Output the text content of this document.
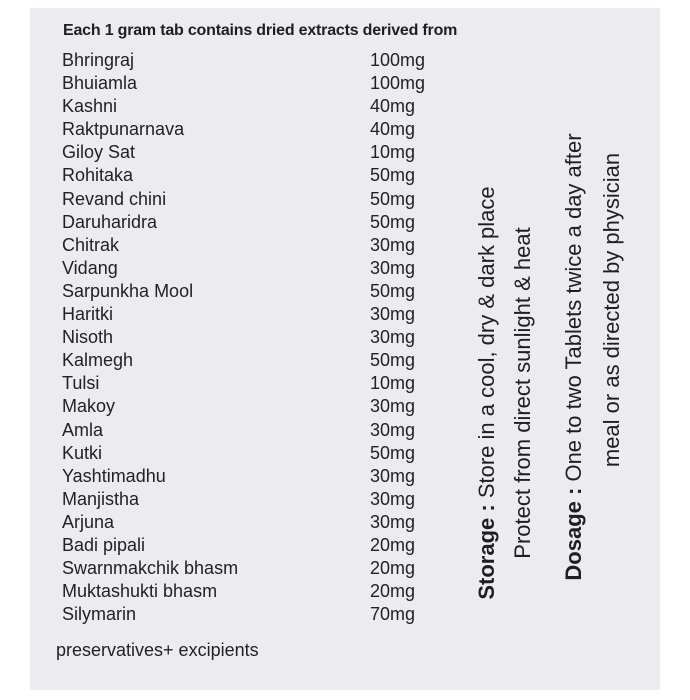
Each 1 gram tab contains dried extracts derived from
Bhringraj	100mg
Bhuiamla	100mg
Kashni	40mg
Raktpunarnava	40mg
Giloy Sat	10mg
Rohitaka	50mg
Revand chini	50mg
Daruharidra	50mg
Chitrak	30mg
Vidang	30mg
Sarpunkha Mool	50mg
Haritki	30mg
Nisoth	30mg
Kalmegh	50mg
Tulsi	10mg
Makoy	30mg
Amla	30mg
Kutki	50mg
Yashtimadhu	30mg
Manjistha	30mg
Arjuna	30mg
Badi pipali	20mg
Swarnmakchik bhasm	20mg
Muktashukti bhasm	20mg
Silymarin	70mg
preservatives+ excipients
Storage : Store in a cool, dry & dark place Protect from direct sunlight & heat Dosage : One to two Tablets twice a day after meal or as directed by physician
